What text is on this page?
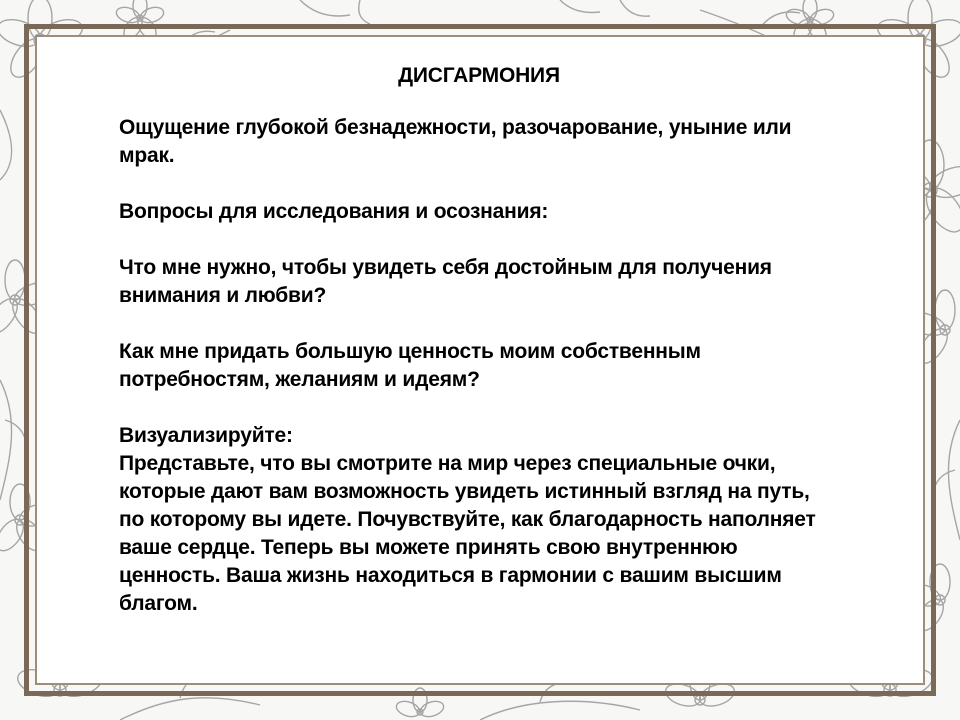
ДИСГАРМОНИЯ

Ощущение глубокой безнадежности, разочарование, уныние или мрак.

Вопросы для исследования и осознания:

Что мне нужно, чтобы увидеть себя достойным для получения внимания и любви?

Как мне придать большую ценность моим собственным потребностям, желаниям и идеям?

Визуализируйте:

Представьте, что вы смотрите на мир через специальные очки, которые дают вам возможность увидеть истинный взгляд на путь, по которому вы идете. Почувствуйте, как благодарность наполняет ваше сердце. Теперь вы можете принять свою внутреннюю ценность. Ваша жизнь находиться в гармонии с вашим высшим благом.
